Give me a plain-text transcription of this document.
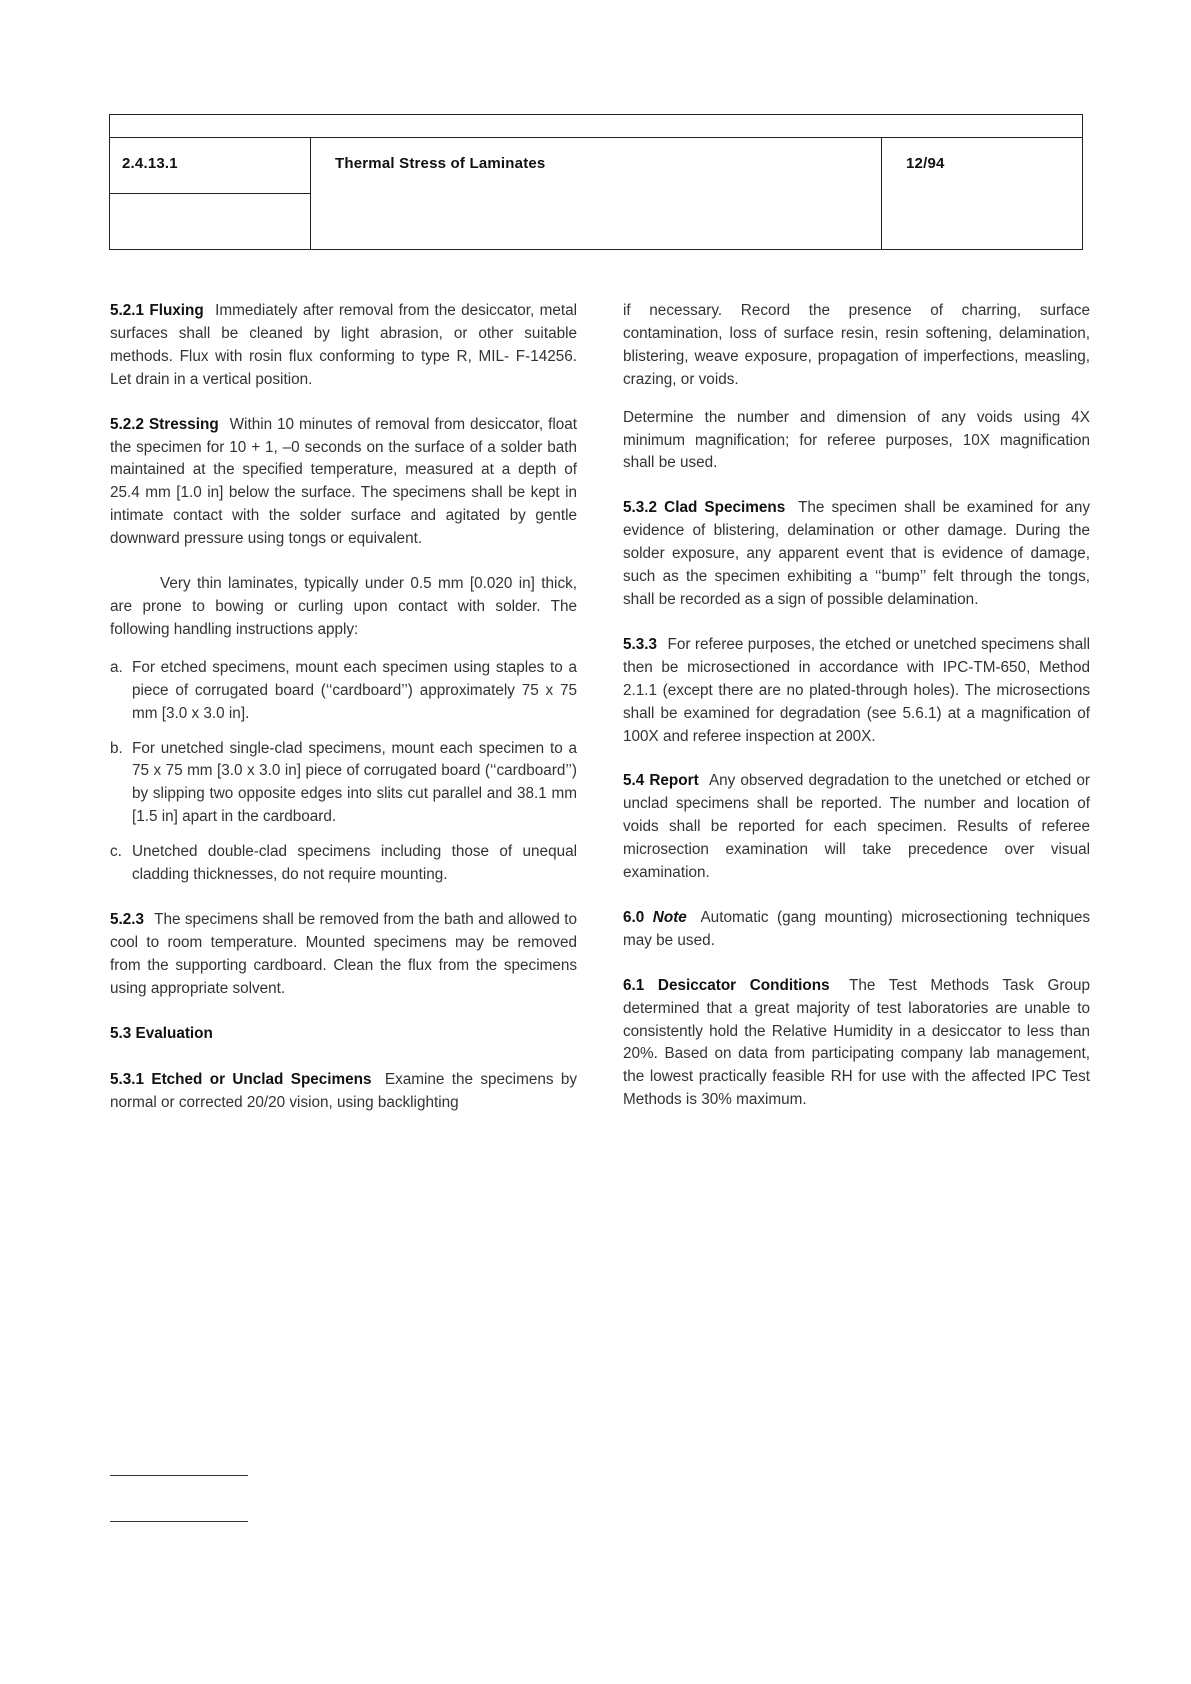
2.4.13.1	Thermal Stress of Laminates	12/94

5.2.1 Fluxing Immediately after removal from the desiccator, metal surfaces shall be cleaned by light abrasion, or other suitable methods. Flux with rosin flux conforming to type R, MIL- F-14256. Let drain in a vertical position.

5.2.2 Stressing Within 10 minutes of removal from desiccator, float the specimen for 10 + 1, –0 seconds on the surface of a solder bath maintained at the specified temperature, measured at a depth of 25.4 mm [1.0 in] below the surface. The specimens shall be kept in intimate contact with the solder surface and agitated by gentle downward pressure using tongs or equivalent.

Very thin laminates, typically under 0.5 mm [0.020 in] thick, are prone to bowing or curling upon contact with solder. The following handling instructions apply:

a. For etched specimens, mount each specimen using staples to a piece of corrugated board (‘‘cardboard’’) approximately 75 x 75 mm [3.0 x 3.0 in].
b. For unetched single-clad specimens, mount each specimen to a 75 x 75 mm [3.0 x 3.0 in] piece of corrugated board (‘‘cardboard’’) by slipping two opposite edges into slits cut parallel and 38.1 mm [1.5 in] apart in the cardboard.
c. Unetched double-clad specimens including those of unequal cladding thicknesses, do not require mounting.

5.2.3 The specimens shall be removed from the bath and allowed to cool to room temperature. Mounted specimens may be removed from the supporting cardboard. Clean the flux from the specimens using appropriate solvent.

5.3 Evaluation

5.3.1 Etched or Unclad Specimens Examine the specimens by normal or corrected 20/20 vision, using backlighting

if necessary. Record the presence of charring, surface contamination, loss of surface resin, resin softening, delamination, blistering, weave exposure, propagation of imperfections, measling, crazing, or voids.

Determine the number and dimension of any voids using 4X minimum magnification; for referee purposes, 10X magnification shall be used.

5.3.2 Clad Specimens The specimen shall be examined for any evidence of blistering, delamination or other damage. During the solder exposure, any apparent event that is evidence of damage, such as the specimen exhibiting a ‘‘bump’’ felt through the tongs, shall be recorded as a sign of possible delamination.

5.3.3 For referee purposes, the etched or unetched specimens shall then be microsectioned in accordance with IPC-TM-650, Method 2.1.1 (except there are no plated-through holes). The microsections shall be examined for degradation (see 5.6.1) at a magnification of 100X and referee inspection at 200X.

5.4 Report Any observed degradation to the unetched or etched or unclad specimens shall be reported. The number and location of voids shall be reported for each specimen. Results of referee microsection examination will take precedence over visual examination.

6.0 Note Automatic (gang mounting) microsectioning techniques may be used.

6.1 Desiccator Conditions The Test Methods Task Group determined that a great majority of test laboratories are unable to consistently hold the Relative Humidity in a desiccator to less than 20%. Based on data from participating company lab management, the lowest practically feasible RH for use with the affected IPC Test Methods is 30% maximum.
